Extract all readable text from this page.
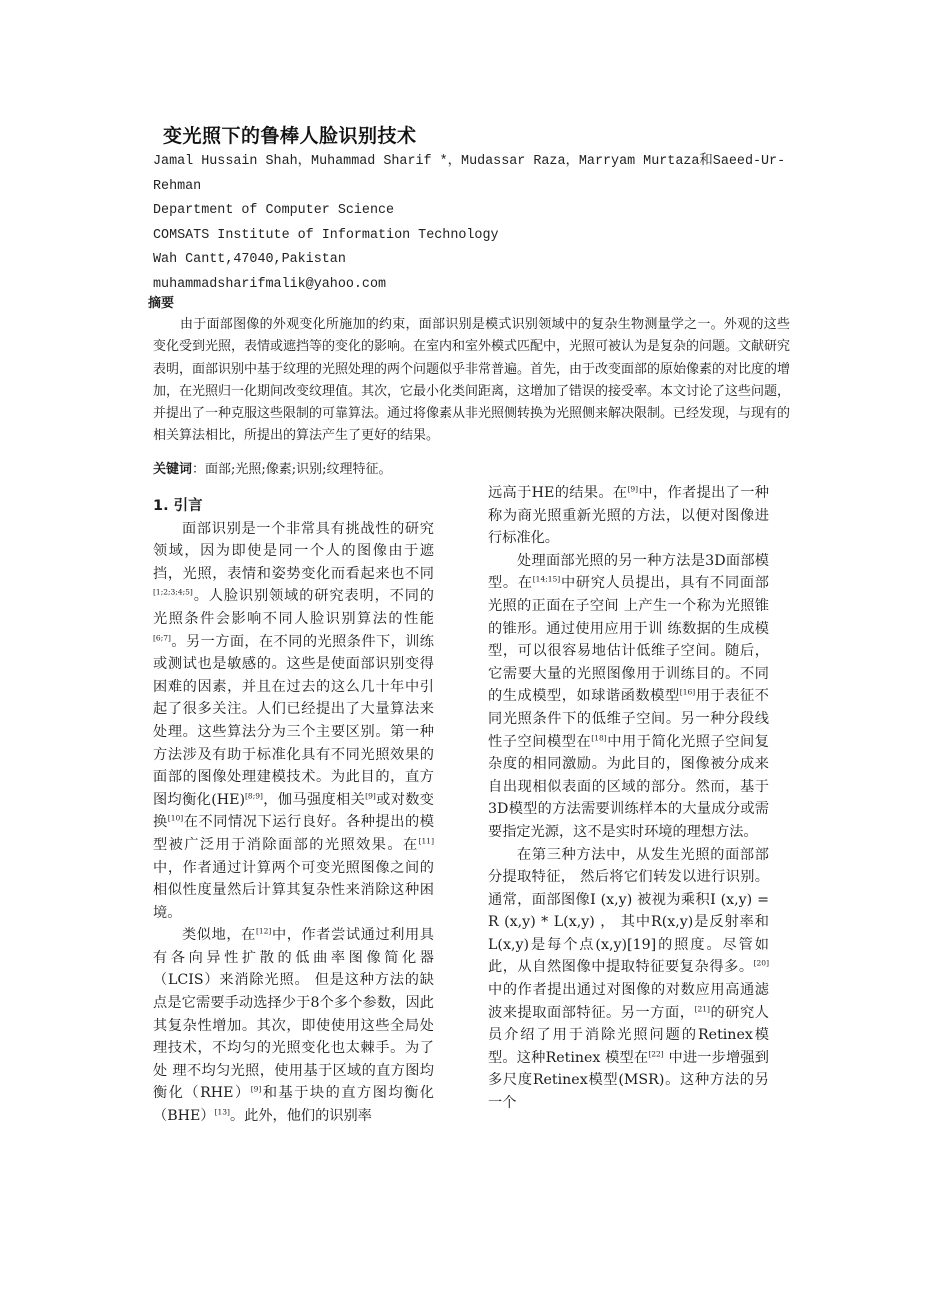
变光照下的鲁棒人脸识别技术
Jamal Hussain Shah，Muhammad Sharif *，Mudassar Raza，Marryam Murtaza和Saeed-Ur-
Rehman
Department of Computer Science
COMSATS Institute of Information Technology
Wah Cantt,47040,Pakistan
muhammadsharifmalik@yahoo.com
摘要

由于面部图像的外观变化所施加的约束，面部识别是模式识别领域中的复杂生物测量学之一。外观的这些变化受到光照，表情或遮挡等的变化的影响。在室内和室外模式匹配中，光照可被认为是复杂的问题。文献研究表明，面部识别中基于纹理的光照处理的两个问题似乎非常普遍。首先，由于改变面部的原始像素的对比度的增加，在光照归一化期间改变纹理值。其次，它最小化类间距离，这增加了错误的接受率。本文讨论了这些问题，并提出了一种克服这些限制的可靠算法。通过将像素从非光照侧转换为光照侧来解决限制。已经发现，与现有的相关算法相比，所提出的算法产生了更好的结果。

关键词：面部;光照;像素;识别;纹理特征。
1. 引言

面部识别是一个非常具有挑战性的研究领域，因为即使是同一个人的图像由于遮挡，光照，表情和姿势变化而看起来也不同[1;2;3;4;5]。人脸识别领域的研究表明，不同的光照条件会影响不同人脸识别算法的性能[6;7]。另一方面，在不同的光照条件下，训练或测试也是敏感的。这些是使面部识别变得困难的因素，并且在过去的这么几十年中引起了很多关注。人们已经提出了大量算法来处理。这些算法分为三个主要区别。第一种方法涉及有助于标准化具有不同光照效果的面部的图像处理建模技术。为此目的，直方图均衡化(HE)[8;9]，伽马强度相关[9]或对数变换[10]在不同情况下运行良好。各种提出的模型被广泛用于消除面部的光照效果。在[11]中，作者通过计算两个可变光照图像之间的相似性度量然后计算其复杂性来消除这种困境。

类似地，在[12]中，作者尝试通过利用具有各向异性扩散的低曲率图像简化器（LCIS）来消除光照。 但是这种方法的缺点是它需要手动选择少于8个多个参数，因此其复杂性增加。其次，即使使用这些全局处理技术，不均匀的光照变化也太棘手。为了处 理不均匀光照，使用基于区域的直方图均衡化（RHE）[9]和基于块的直方图均衡化（BHE）[13]。此外，他们的识别率

远高于HE的结果。在[9]中，作者提出了一种称为商光照重新光照的方法，以便对图像进行标准化。

处理面部光照的另一种方法是3D面部模型。在[14;15]中研究人员提出，具有不同面部光照的正面在子空间 上产生一个称为光照锥的锥形。通过使用应用于训 练数据的生成模型，可以很容易地估计低维子空间。随后，它需要大量的光照图像用于训练目的。不同的生成模型，如球谐函数模型[16]用于表征不同光照条件下的低维子空间。另一种分段线性子空间模型在[18]中用于简化光照子空间复杂度的相同激励。为此目的，图像被分成来自出现相似表面的区域的部分。然而，基于3D模型的方法需要训练样本的大量成分或需要指定光源，这不是实时环境的理想方法。

在第三种方法中，从发生光照的面部部分提取特征， 然后将它们转发以进行识别。通常，面部图像I (x,y) 被视为乘积I (x,y) = R (x,y) * L(x,y) ， 其中R(x,y)是反射率和L(x,y)是每个点(x,y)[19]的照度。尽管如此，从自然图像中提取特征要复杂得多。[20]中的作者提出通过对图像的对数应用高通滤波来提取面部特征。另一方面，[21]的研究人员介绍了用于消除光照问题的Retinex模型。这种Retinex 模型在[22] 中进一步增强到多尺度Retinex模型(MSR)。这种方法的另一个
